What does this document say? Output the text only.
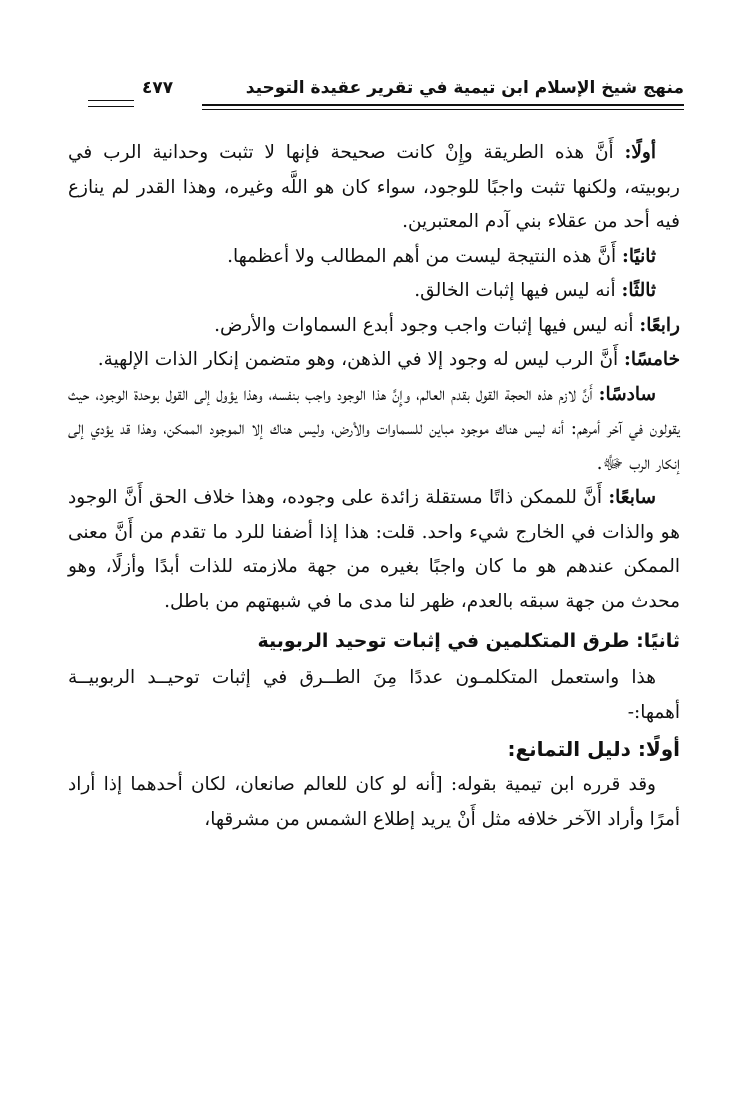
منهج شيخ الإسلام ابن تيمية في تقرير عقيدة التوحيد
٤٧٧

أولًا: أَنَّ هذه الطريقة وإِنْ كانت صحيحة فإنها لا تثبت وحدانية الرب في ربوبيته، ولكنها تثبت واجبًا للوجود، سواء كان هو اللَّه وغيره، وهذا القدر لم ينازع فيه أحد من عقلاء بني آدم المعتبرين.

ثانيًا: أَنَّ هذه النتيجة ليست من أهم المطالب ولا أعظمها.

ثالثًا: أنه ليس فيها إثبات الخالق.

رابعًا: أنه ليس فيها إثبات واجب وجود أبدع السماوات والأرض.

خامسًا: أَنَّ الرب ليس له وجود إلا في الذهن، وهو متضمن إنكار الذات الإلهية.

سادسًا: أَنَّ لازم هذه الحجة القول بقدم العالم، وإِنَّ هذا الوجود واجب بنفسه، وهذا يؤول إلى القول بوحدة الوجود، حيث يقولون في آخر أمرهم: أنه ليس هناك موجود مباين للسماوات والأرض، وليس هناك إلا الموجود الممكن، وهذا قد يؤدي إلى إنكار الرب ﷻ.

سابعًا: أَنَّ للممكن ذاتًا مستقلة زائدة على وجوده، وهذا خلاف الحق أَنَّ الوجود هو والذات في الخارج شيء واحد. قلت: هذا إذا أضفنا للرد ما تقدم من أَنَّ معنى الممكن عندهم هو ما كان واجبًا بغيره من جهة ملازمته للذات أبدًا وأزلًا، وهو محدث من جهة سبقه بالعدم، ظهر لنا مدى ما في شبهتهم من باطل.

ثانيًا: طرق المتكلمين في إثبات توحيد الربوبية

هذا واستعمل المتكلمـون عددًا مِنَ الطــرق في إثبات توحيــد الربوبيــة أهمها:-

أولًا: دليل التمانع:

وقد قرره ابن تيمية بقوله: [أنه لو كان للعالم صانعان، لكان أحدهما إذا أراد أمرًا وأراد الآخر خلافه مثل أَنْ يريد إطلاع الشمس من مشرقها،
